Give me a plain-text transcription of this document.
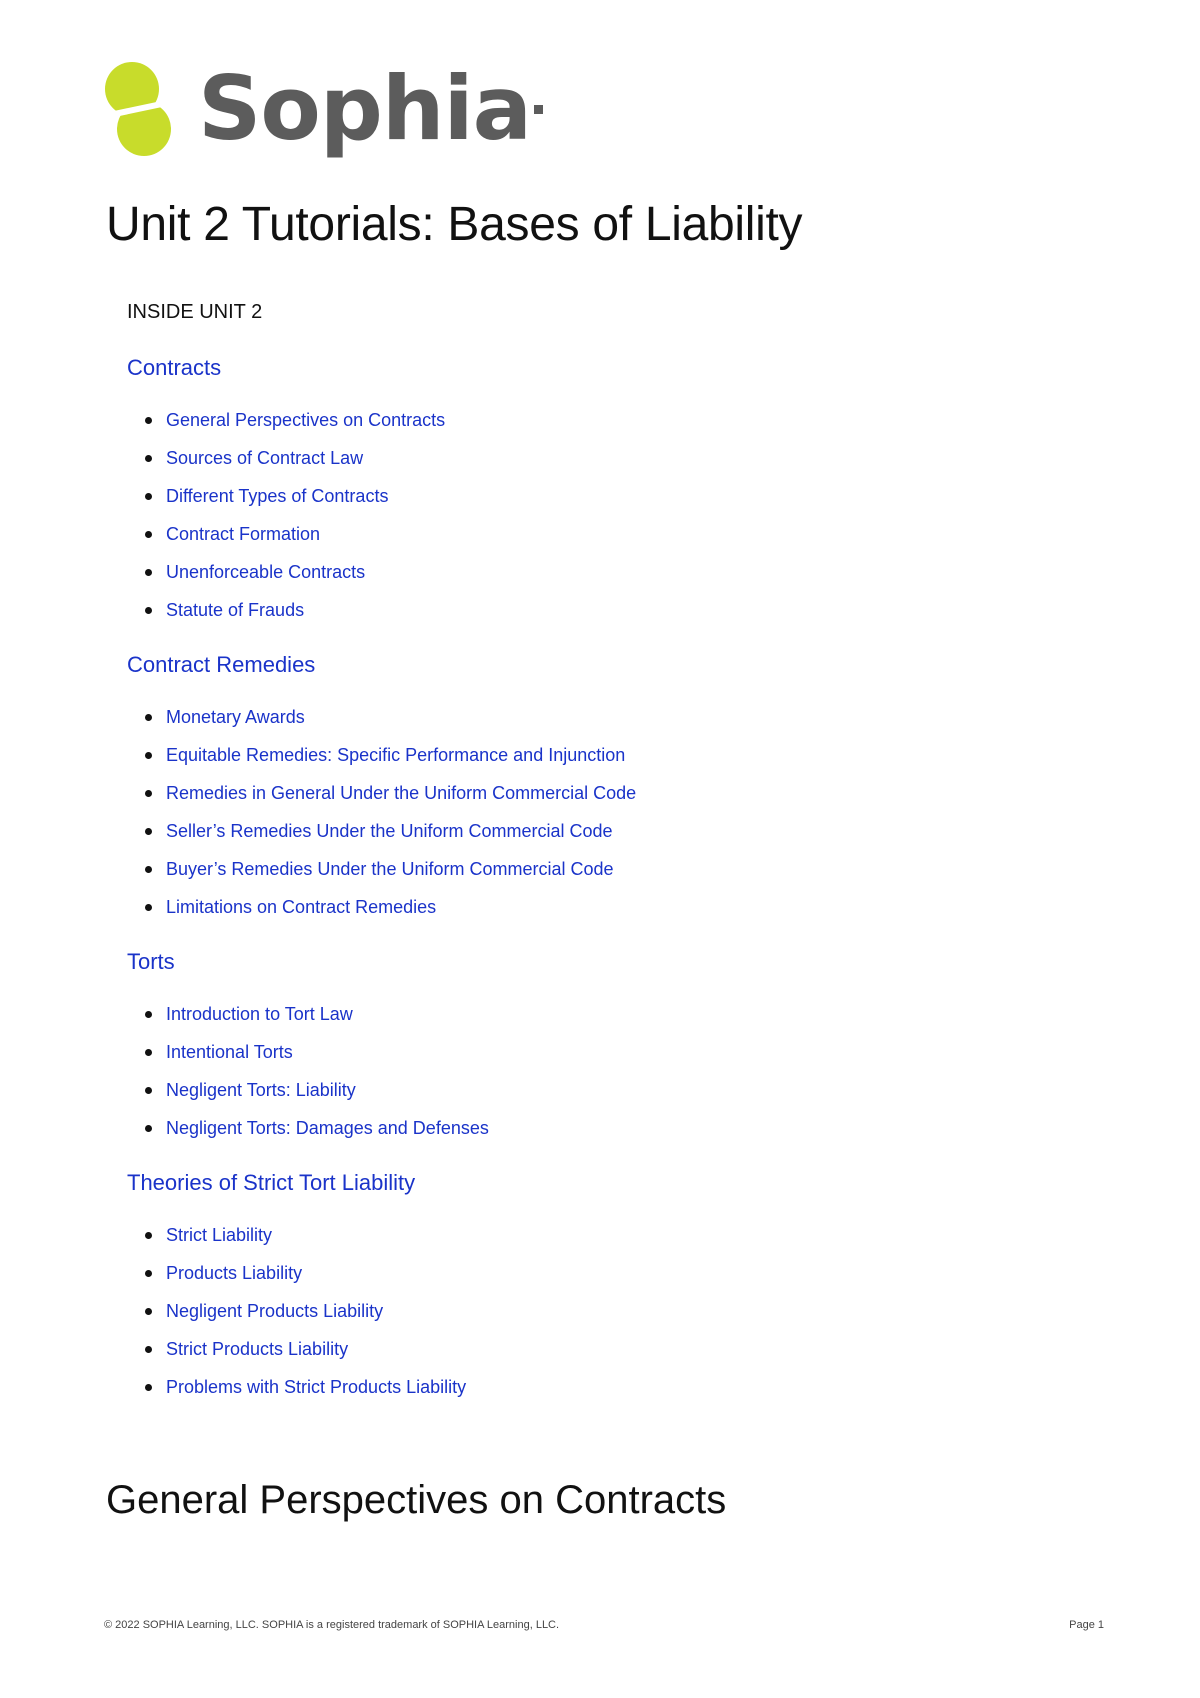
Sophia
Unit 2 Tutorials: Bases of Liability
INSIDE UNIT 2
Contracts
General Perspectives on Contracts
Sources of Contract Law
Different Types of Contracts
Contract Formation
Unenforceable Contracts
Statute of Frauds
Contract Remedies
Monetary Awards
Equitable Remedies: Specific Performance and Injunction
Remedies in General Under the Uniform Commercial Code
Seller’s Remedies Under the Uniform Commercial Code
Buyer’s Remedies Under the Uniform Commercial Code
Limitations on Contract Remedies
Torts
Introduction to Tort Law
Intentional Torts
Negligent Torts: Liability
Negligent Torts: Damages and Defenses
Theories of Strict Tort Liability
Strict Liability
Products Liability
Negligent Products Liability
Strict Products Liability
Problems with Strict Products Liability
General Perspectives on Contracts
© 2022 SOPHIA Learning, LLC. SOPHIA is a registered trademark of SOPHIA Learning, LLC.	Page 1
